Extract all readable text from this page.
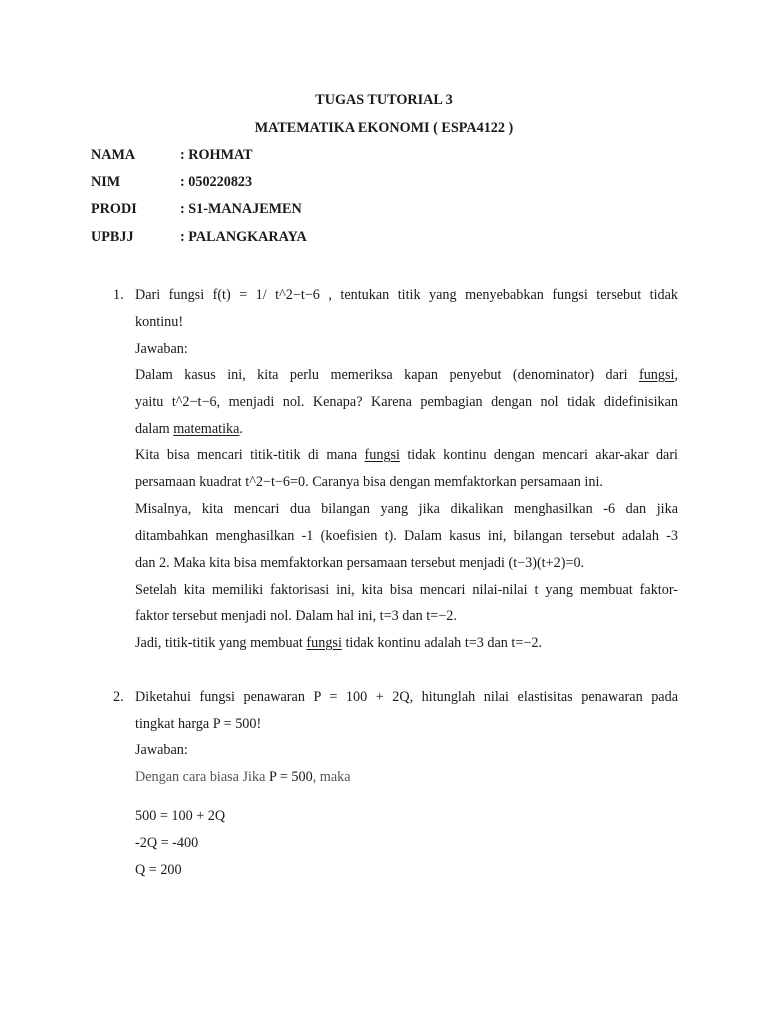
TUGAS TUTORIAL 3
MATEMATIKA EKONOMI ( ESPA4122 )
NAMA	: ROHMAT
NIM	: 050220823
PRODI	: S1-MANAJEMEN
UPBJJ	: PALANGKARAYA
1. Dari fungsi f(t) = 1/ t^2−t−6 , tentukan titik yang menyebabkan fungsi tersebut tidak
kontinu!
Jawaban:
Dalam kasus ini, kita perlu memeriksa kapan penyebut (denominator) dari fungsi,
yaitu t^2−t−6, menjadi nol. Kenapa? Karena pembagian dengan nol tidak didefinisikan
dalam matematika.
Kita bisa mencari titik-titik di mana fungsi tidak kontinu dengan mencari akar-akar dari
persamaan kuadrat t^2−t−6=0. Caranya bisa dengan memfaktorkan persamaan ini.
Misalnya, kita mencari dua bilangan yang jika dikalikan menghasilkan -6 dan jika
ditambahkan menghasilkan -1 (koefisien t). Dalam kasus ini, bilangan tersebut adalah -3
dan 2. Maka kita bisa memfaktorkan persamaan tersebut menjadi (t−3)(t+2)=0.
Setelah kita memiliki faktorisasi ini, kita bisa mencari nilai-nilai t yang membuat faktor-
faktor tersebut menjadi nol. Dalam hal ini, t=3 dan t=−2.
Jadi, titik-titik yang membuat fungsi tidak kontinu adalah t=3 dan t=−2.
2. Diketahui fungsi penawaran P = 100 + 2Q, hitunglah nilai elastisitas penawaran pada
tingkat harga P = 500!
Jawaban:
Dengan cara biasa Jika P = 500, maka
500 = 100 + 2Q
-2Q = -400
Q = 200
